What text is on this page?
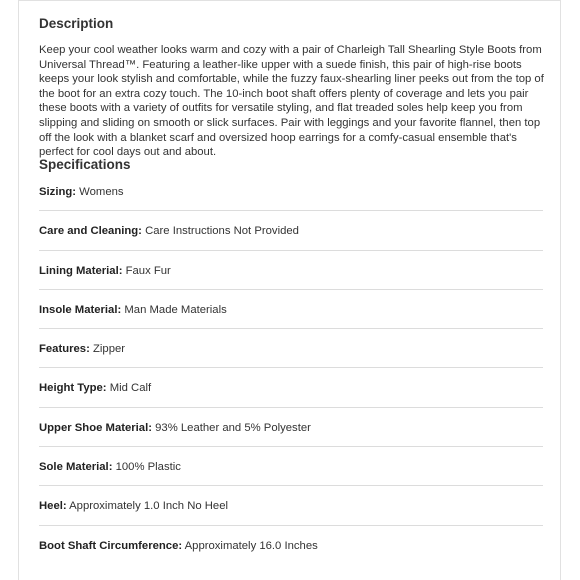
Description

Keep your cool weather looks warm and cozy with a pair of Charleigh Tall Shearling Style Boots from Universal Thread™. Featuring a leather-like upper with a suede finish, this pair of high-rise boots keeps your look stylish and comfortable, while the fuzzy faux-shearling liner peeks out from the top of the boot for an extra cozy touch. The 10-inch boot shaft offers plenty of coverage and lets you pair these boots with a variety of outfits for versatile styling, and flat treaded soles help keep you from slipping and sliding on smooth or slick surfaces. Pair with leggings and your favorite flannel, then top off the look with a blanket scarf and oversized hoop earrings for a comfy-casual ensemble that's perfect for cool days out and about.

Specifications
Sizing: Womens
Care and Cleaning: Care Instructions Not Provided
Lining Material: Faux Fur
Insole Material: Man Made Materials
Features: Zipper
Height Type: Mid Calf
Upper Shoe Material: 93% Leather and 5% Polyester
Sole Material: 100% Plastic
Heel: Approximately 1.0 Inch No Heel
Boot Shaft Circumference: Approximately 16.0 Inches
